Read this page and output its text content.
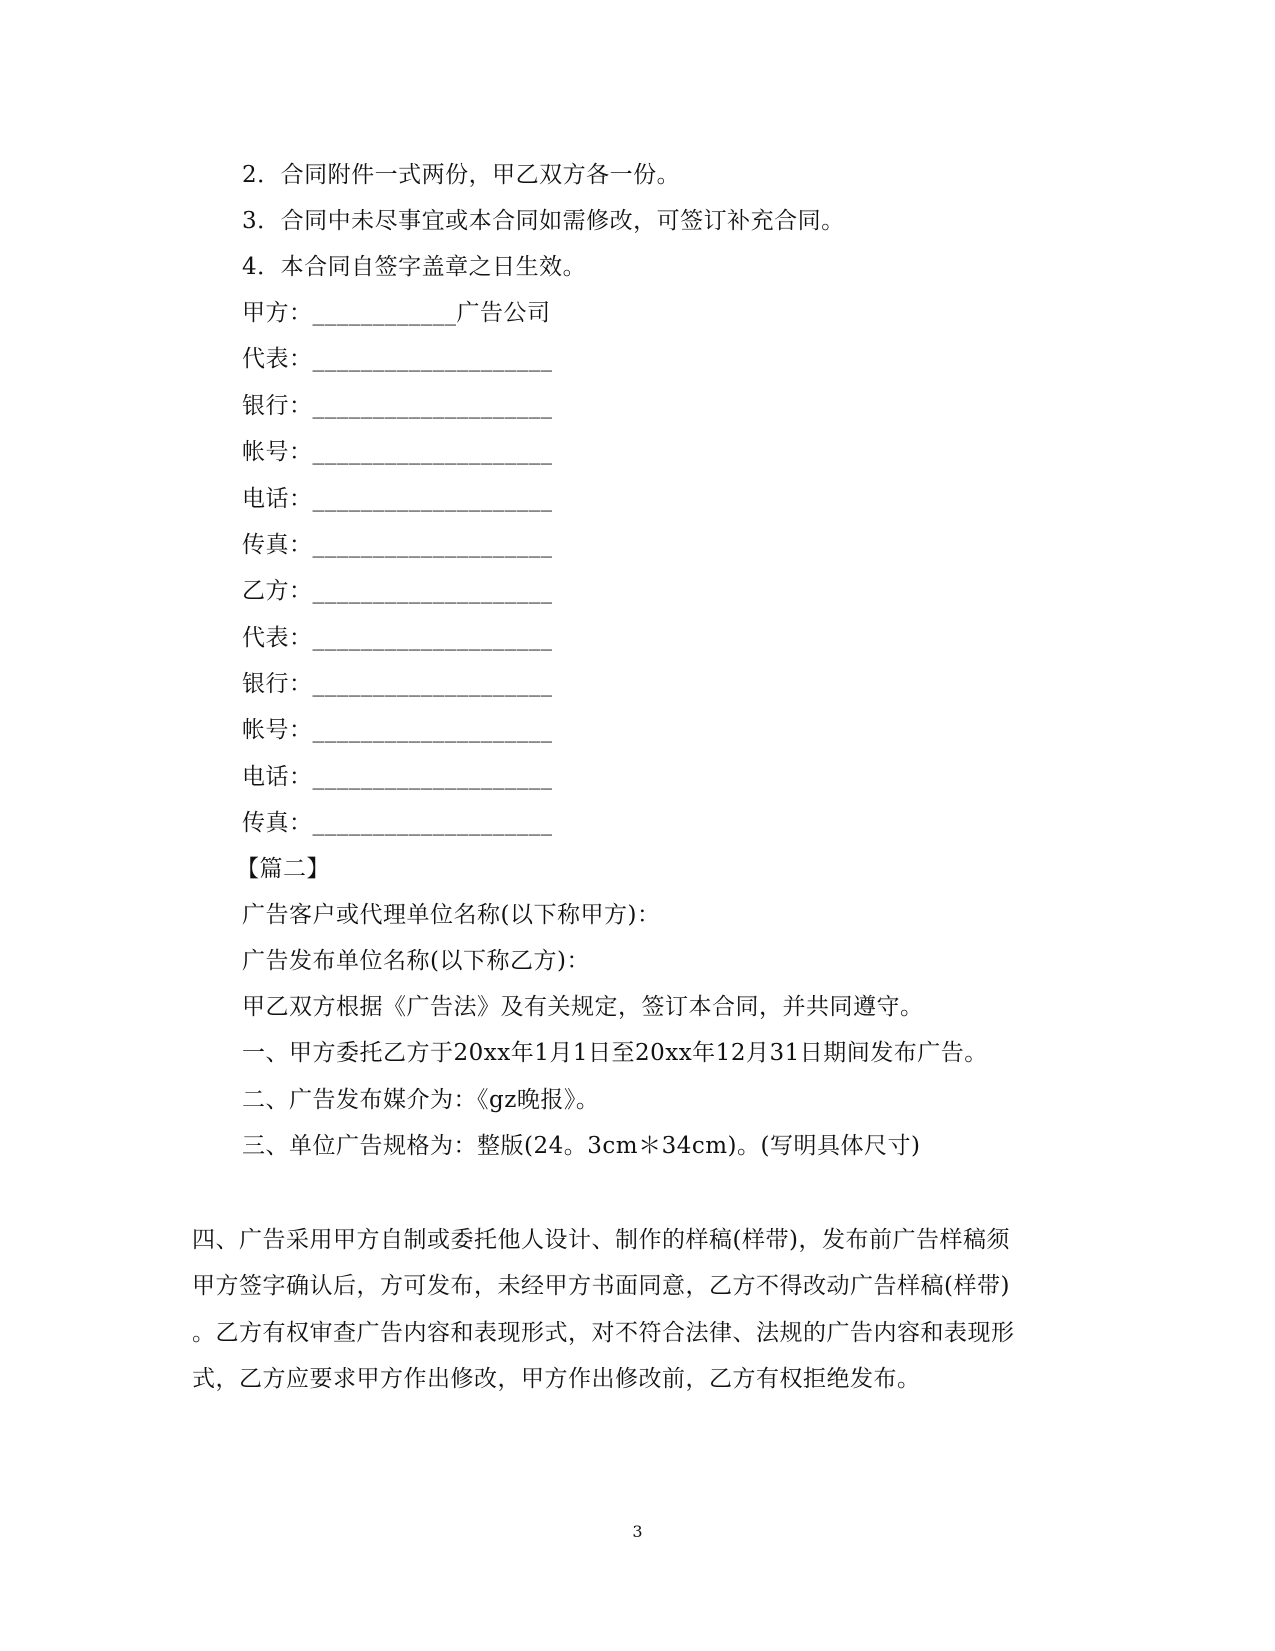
2．合同附件一式两份，甲乙双方各一份。
3．合同中未尽事宜或本合同如需修改，可签订补充合同。
4．本合同自签字盖章之日生效。
甲方：____________广告公司
代表：____________________
银行：____________________
帐号：____________________
电话：____________________
传真：____________________
乙方：____________________
代表：____________________
银行：____________________
帐号：____________________
电话：____________________
传真：____________________
【篇二】
广告客户或代理单位名称(以下称甲方)：
广告发布单位名称(以下称乙方)：
甲乙双方根据《广告法》及有关规定，签订本合同，并共同遵守。
一、甲方委托乙方于20xx年1月1日至20xx年12月31日期间发布广告。
二、广告发布媒介为：《gz晚报》。
三、单位广告规格为：整版(24。3cm＊34cm)。(写明具体尺寸)
四、广告采用甲方自制或委托他人设计、制作的样稿(样带)，发布前广告样稿须
甲方签字确认后，方可发布，未经甲方书面同意，乙方不得改动广告样稿(样带)
。乙方有权审查广告内容和表现形式，对不符合法律、法规的广告内容和表现形
式，乙方应要求甲方作出修改，甲方作出修改前，乙方有权拒绝发布。
3
